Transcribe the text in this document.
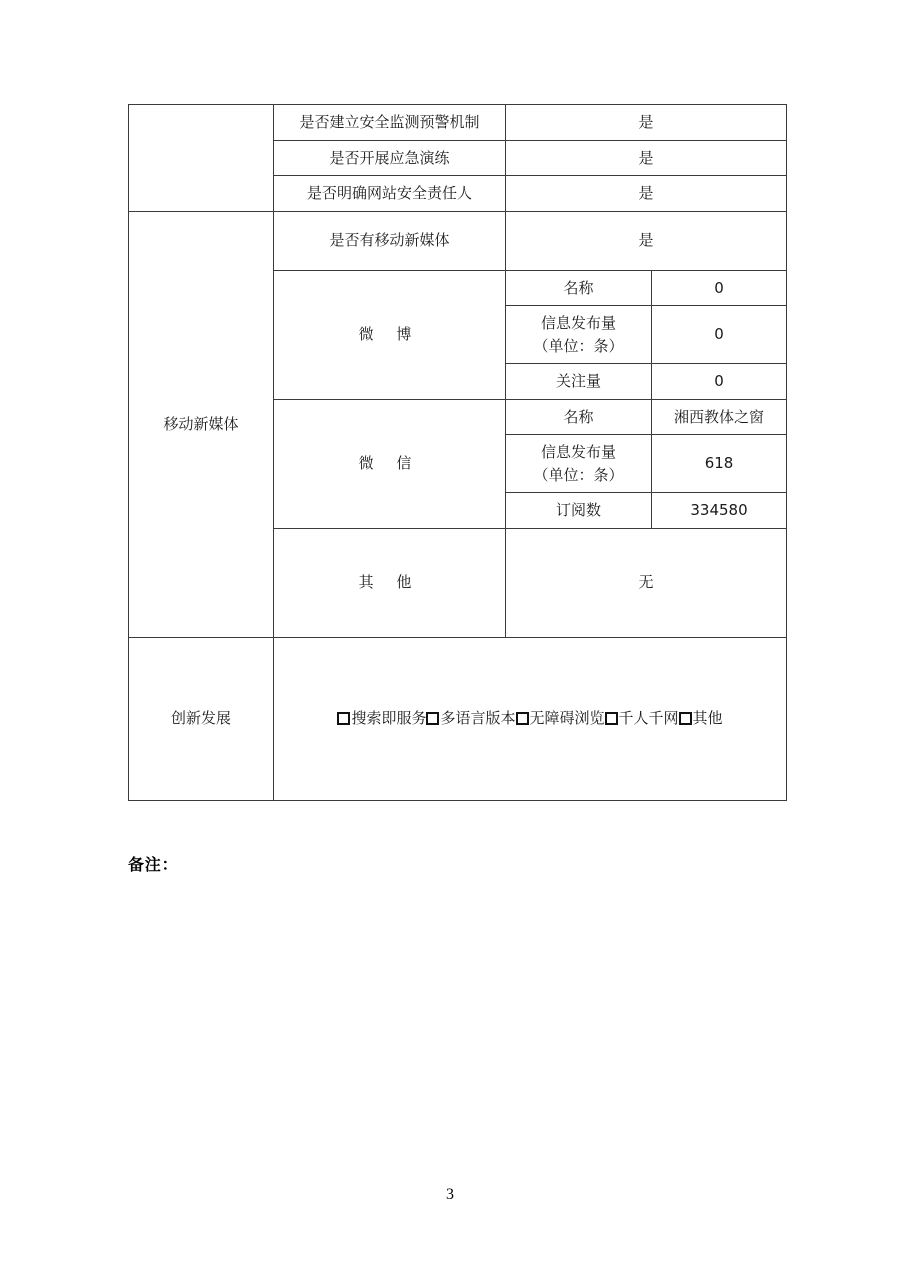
	是否建立安全监测预警机制	是	
	是否开展应急演练	是	
	是否明确网站安全责任人	是	
移动新媒体	是否有移动新媒体	是	
	微 博	名称	0

		信息发布量
（单位：条）	0
		关注量	0
	微 信	名称	湘西教体之窗

		信息发布量
（单位：条）	618
		订阅数	334580
	其 他	无	
创新发展	搜索即服务 多语言版本 无障碍浏览 千人千网 其他		
备注：
3
